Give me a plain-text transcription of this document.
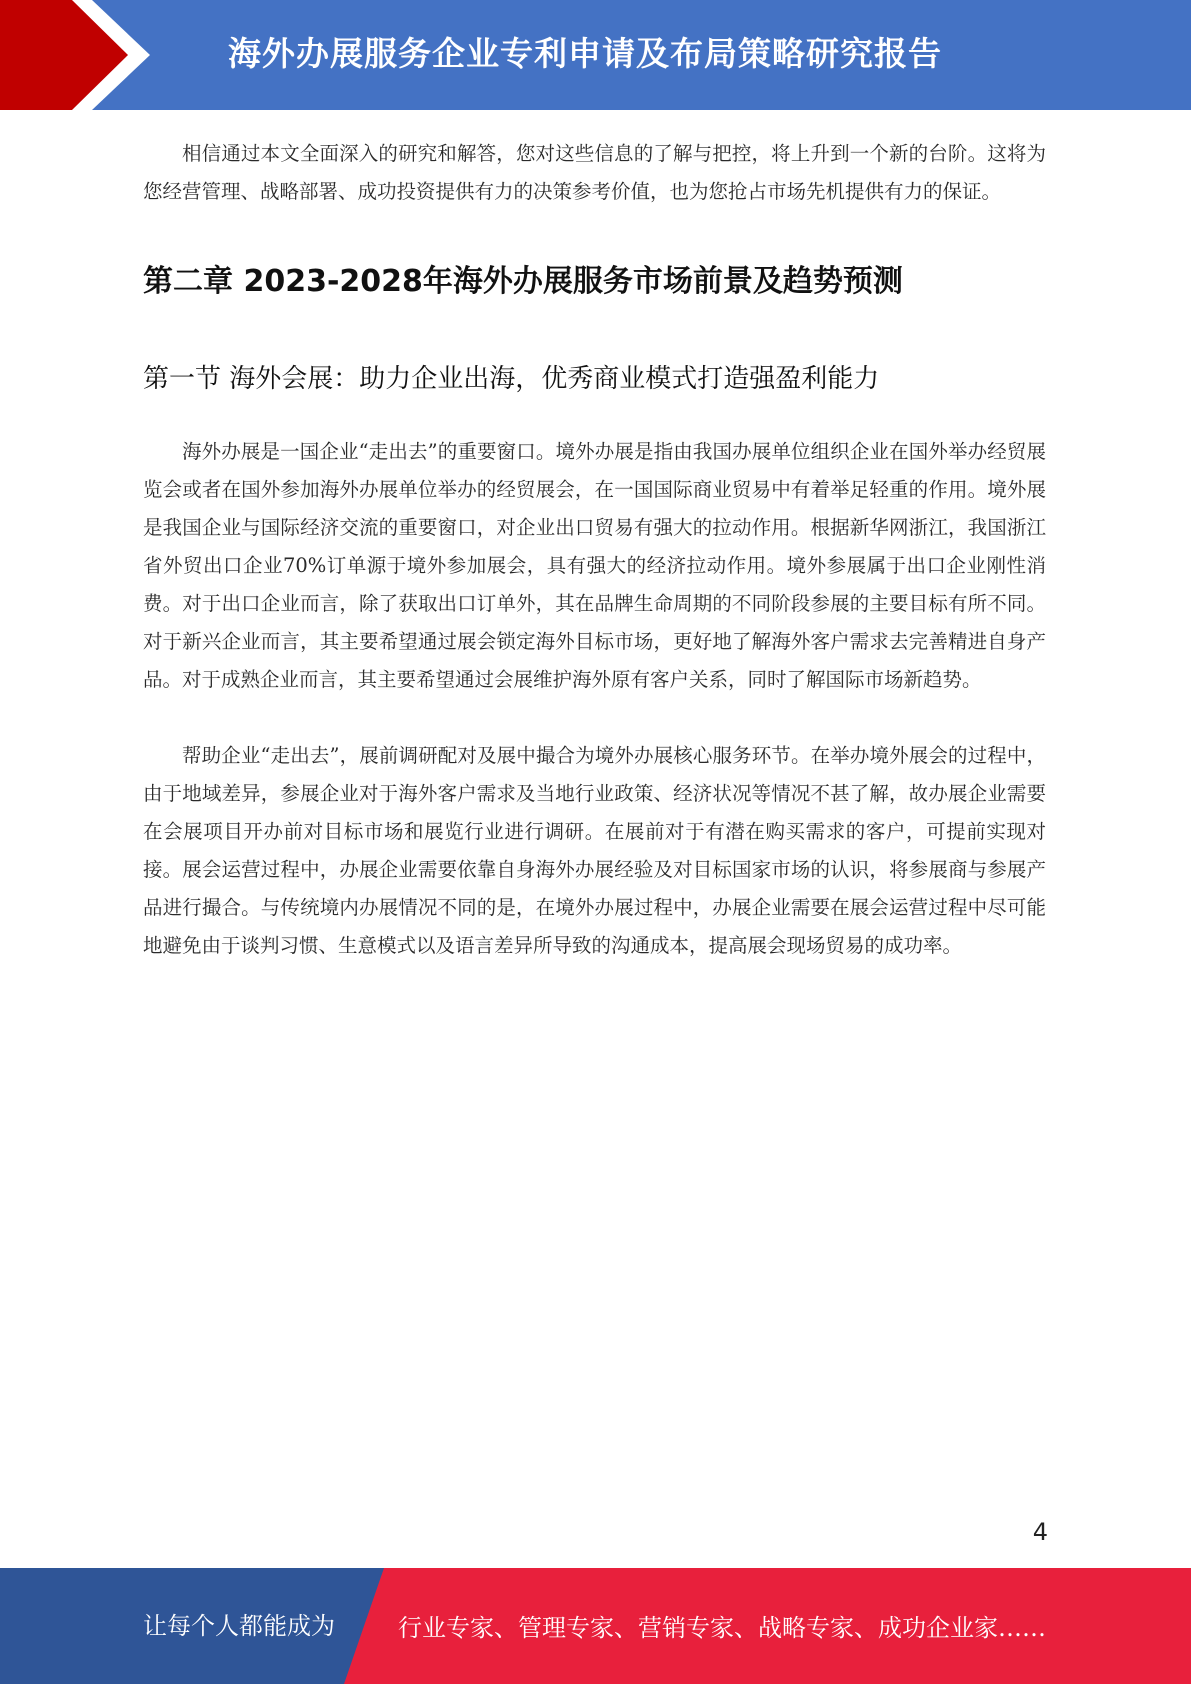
海外办展服务企业专利申请及布局策略研究报告

相信通过本文全面深入的研究和解答，您对这些信息的了解与把控，将上升到一个新的台阶。这将为您经营管理、战略部署、成功投资提供有力的决策参考价值，也为您抢占市场先机提供有力的保证。

第二章 2023-2028年海外办展服务市场前景及趋势预测
第一节 海外会展：助力企业出海，优秀商业模式打造强盈利能力

海外办展是一国企业“走出去”的重要窗口。境外办展是指由我国办展单位组织企业在国外举办经贸展览会或者在国外参加海外办展单位举办的经贸展会，在一国国际商业贸易中有着举足轻重的作用。境外展是我国企业与国际经济交流的重要窗口，对企业出口贸易有强大的拉动作用。根据新华网浙江，我国浙江省外贸出口企业70%订单源于境外参加展会，具有强大的经济拉动作用。境外参展属于出口企业刚性消费。对于出口企业而言，除了获取出口订单外，其在品牌生命周期的不同阶段参展的主要目标有所不同。对于新兴企业而言，其主要希望通过展会锁定海外目标市场，更好地了解海外客户需求去完善精进自身产品。对于成熟企业而言，其主要希望通过会展维护海外原有客户关系，同时了解国际市场新趋势。

帮助企业“走出去”，展前调研配对及展中撮合为境外办展核心服务环节。在举办境外展会的过程中，由于地域差异，参展企业对于海外客户需求及当地行业政策、经济状况等情况不甚了解，故办展企业需要在会展项目开办前对目标市场和展览行业进行调研。在展前对于有潜在购买需求的客户，可提前实现对接。展会运营过程中，办展企业需要依靠自身海外办展经验及对目标国家市场的认识，将参展商与参展产品进行撮合。与传统境内办展情况不同的是，在境外办展过程中，办展企业需要在展会运营过程中尽可能地避免由于谈判习惯、生意模式以及语言差异所导致的沟通成本，提高展会现场贸易的成功率。

4
让每个人都能成为	行业专家、管理专家、营销专家、战略专家、成功企业家……
